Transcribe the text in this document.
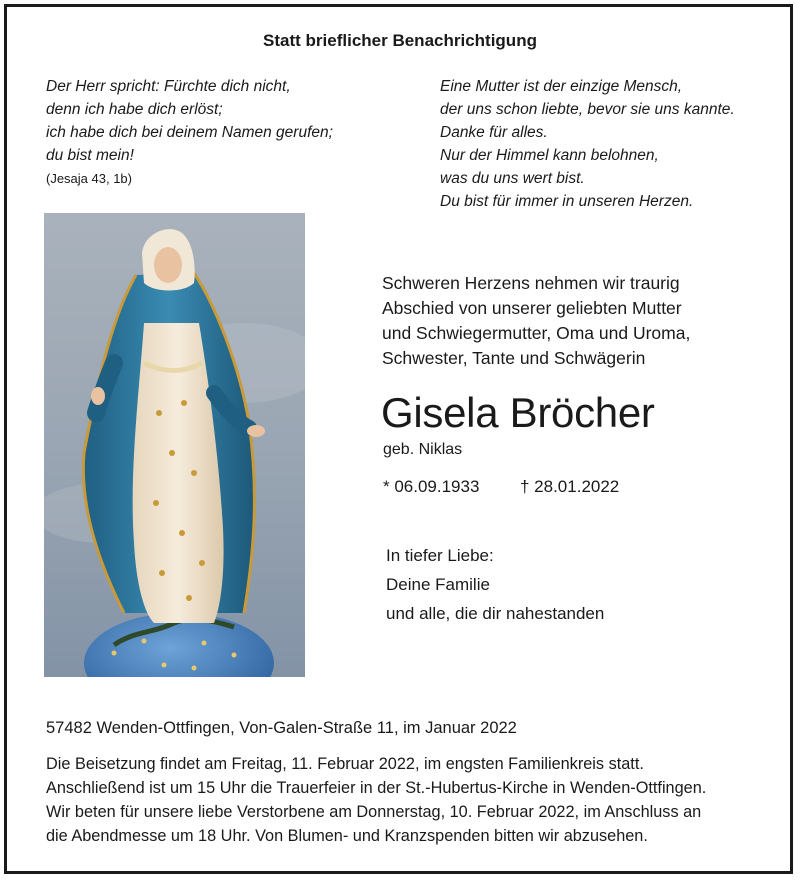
Statt brieflicher Benachrichtigung
Der Herr spricht: Fürchte dich nicht,
denn ich habe dich erlöst;
ich habe dich bei deinem Namen gerufen;
du bist mein!
(Jesaja 43, 1b)
Eine Mutter ist der einzige Mensch,
der uns schon liebte, bevor sie uns kannte.
Danke für alles.
Nur der Himmel kann belohnen,
was du uns wert bist.
Du bist für immer in unseren Herzen.
Schweren Herzens nehmen wir traurig
Abschied von unserer geliebten Mutter
und Schwiegermutter, Oma und Uroma,
Schwester, Tante und Schwägerin
Gisela Bröcher
geb. Niklas
* 06.09.1933 † 28.01.2022
In tiefer Liebe:
Deine Familie
und alle, die dir nahestanden
57482 Wenden-Ottfingen, Von-Galen-Straße 11, im Januar 2022
Die Beisetzung findet am Freitag, 11. Februar 2022, im engsten Familienkreis statt.
Anschließend ist um 15 Uhr die Trauerfeier in der St.-Hubertus-Kirche in Wenden-Ottfingen.
Wir beten für unsere liebe Verstorbene am Donnerstag, 10. Februar 2022, im Anschluss an
die Abendmesse um 18 Uhr. Von Blumen- und Kranzspenden bitten wir abzusehen.
